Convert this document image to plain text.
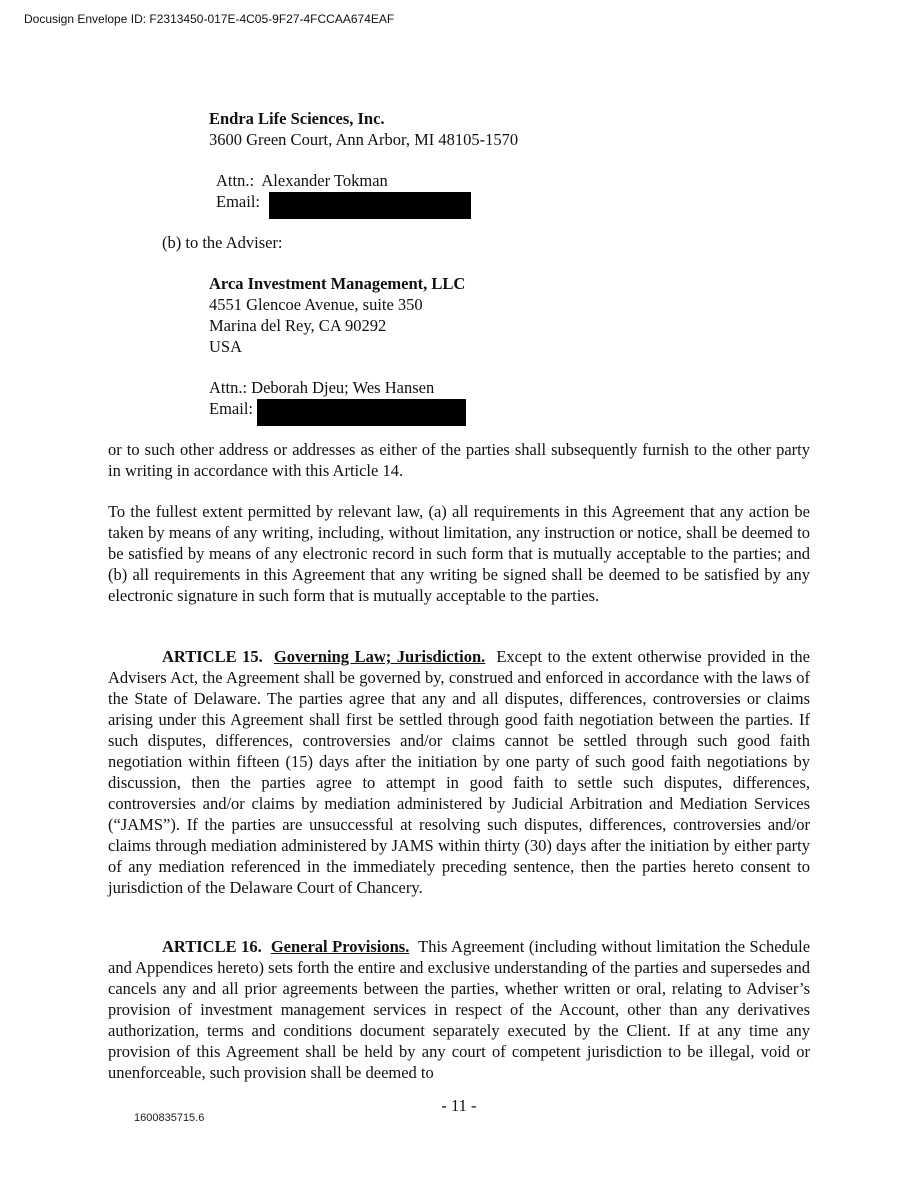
Docusign Envelope ID: F2313450-017E-4C05-9F27-4FCCAA674EAF
Endra Life Sciences, Inc.
3600 Green Court, Ann Arbor, MI 48105-1570
Attn.: Alexander Tokman
Email:
(b) to the Adviser:
Arca Investment Management, LLC
4551 Glencoe Avenue, suite 350
Marina del Rey, CA 90292
USA
Attn.: Deborah Djeu; Wes Hansen
Email:
or to such other address or addresses as either of the parties shall subsequently furnish to the other party in writing in accordance with this Article 14.
To the fullest extent permitted by relevant law, (a) all requirements in this Agreement that any action be taken by means of any writing, including, without limitation, any instruction or notice, shall be deemed to be satisfied by means of any electronic record in such form that is mutually acceptable to the parties; and (b) all requirements in this Agreement that any writing be signed shall be deemed to be satisfied by any electronic signature in such form that is mutually acceptable to the parties.
ARTICLE 15. Governing Law; Jurisdiction. Except to the extent otherwise provided in the Advisers Act, the Agreement shall be governed by, construed and enforced in accordance with the laws of the State of Delaware. The parties agree that any and all disputes, differences, controversies or claims arising under this Agreement shall first be settled through good faith negotiation between the parties. If such disputes, differences, controversies and/or claims cannot be settled through such good faith negotiation within fifteen (15) days after the initiation by one party of such good faith negotiations by discussion, then the parties agree to attempt in good faith to settle such disputes, differences, controversies and/or claims by mediation administered by Judicial Arbitration and Mediation Services (“JAMS”). If the parties are unsuccessful at resolving such disputes, differences, controversies and/or claims through mediation administered by JAMS within thirty (30) days after the initiation by either party of any mediation referenced in the immediately preceding sentence, then the parties hereto consent to jurisdiction of the Delaware Court of Chancery.
ARTICLE 16. General Provisions. This Agreement (including without limitation the Schedule and Appendices hereto) sets forth the entire and exclusive understanding of the parties and supersedes and cancels any and all prior agreements between the parties, whether written or oral, relating to Adviser’s provision of investment management services in respect of the Account, other than any derivatives authorization, terms and conditions document separately executed by the Client. If at any time any provision of this Agreement shall be held by any court of competent jurisdiction to be illegal, void or unenforceable, such provision shall be deemed to
- 11 -
1600835715.6
